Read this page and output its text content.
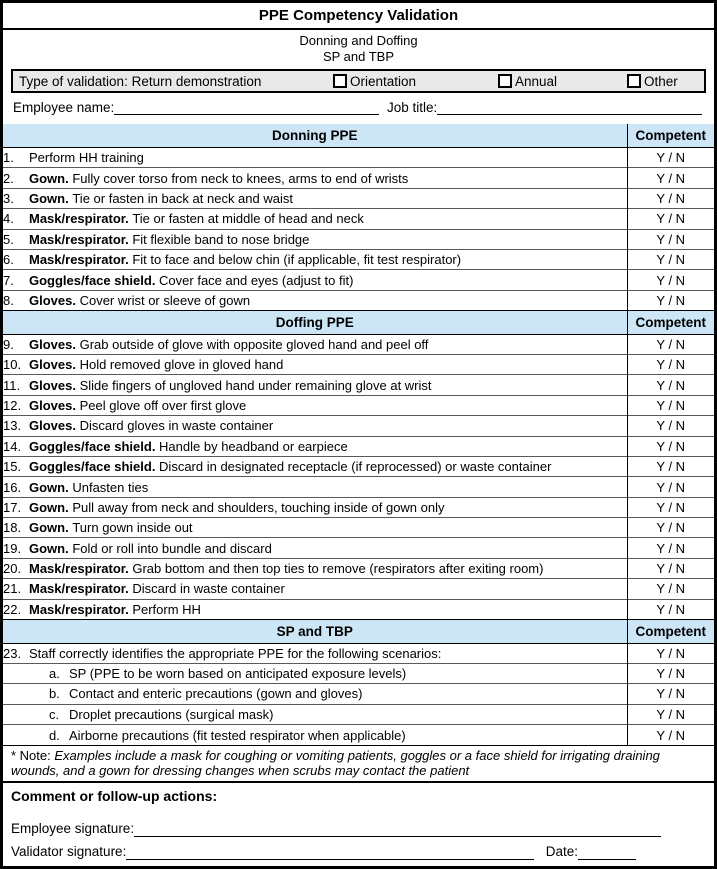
PPE Competency Validation
Donning and Doffing
SP and TBP
Type of validation: Return demonstration	Orientation	Annual	Other
Employee name:	Job title:
Donning PPE	Competent
1. Perform HH training	Y / N
2. Gown. Fully cover torso from neck to knees, arms to end of wrists	Y / N
3. Gown. Tie or fasten in back at neck and waist	Y / N
4. Mask/respirator. Tie or fasten at middle of head and neck	Y / N
5. Mask/respirator. Fit flexible band to nose bridge	Y / N
6. Mask/respirator. Fit to face and below chin (if applicable, fit test respirator)	Y / N
7. Goggles/face shield. Cover face and eyes (adjust to fit)	Y / N
8. Gloves. Cover wrist or sleeve of gown	Y / N
Doffing PPE	Competent
9. Gloves. Grab outside of glove with opposite gloved hand and peel off	Y / N
10. Gloves. Hold removed glove in gloved hand	Y / N
11. Gloves. Slide fingers of ungloved hand under remaining glove at wrist	Y / N
12. Gloves. Peel glove off over first glove	Y / N
13. Gloves. Discard gloves in waste container	Y / N
14. Goggles/face shield. Handle by headband or earpiece	Y / N
15. Goggles/face shield. Discard in designated receptacle (if reprocessed) or waste container	Y / N
16. Gown. Unfasten ties	Y / N
17. Gown. Pull away from neck and shoulders, touching inside of gown only	Y / N
18. Gown. Turn gown inside out	Y / N
19. Gown. Fold or roll into bundle and discard	Y / N
20. Mask/respirator. Grab bottom and then top ties to remove (respirators after exiting room)	Y / N
21. Mask/respirator. Discard in waste container	Y / N
22. Mask/respirator. Perform HH	Y / N
SP and TBP	Competent
23. Staff correctly identifies the appropriate PPE for the following scenarios:	Y / N
a. SP (PPE to be worn based on anticipated exposure levels)	Y / N
b. Contact and enteric precautions (gown and gloves)	Y / N
c. Droplet precautions (surgical mask)	Y / N
d. Airborne precautions (fit tested respirator when applicable)	Y / N
* Note: Examples include a mask for coughing or vomiting patients, goggles or a face shield for irrigating draining wounds, and a gown for dressing changes when scrubs may contact the patient
Comment or follow-up actions:
Employee signature:
Validator signature:	Date:
